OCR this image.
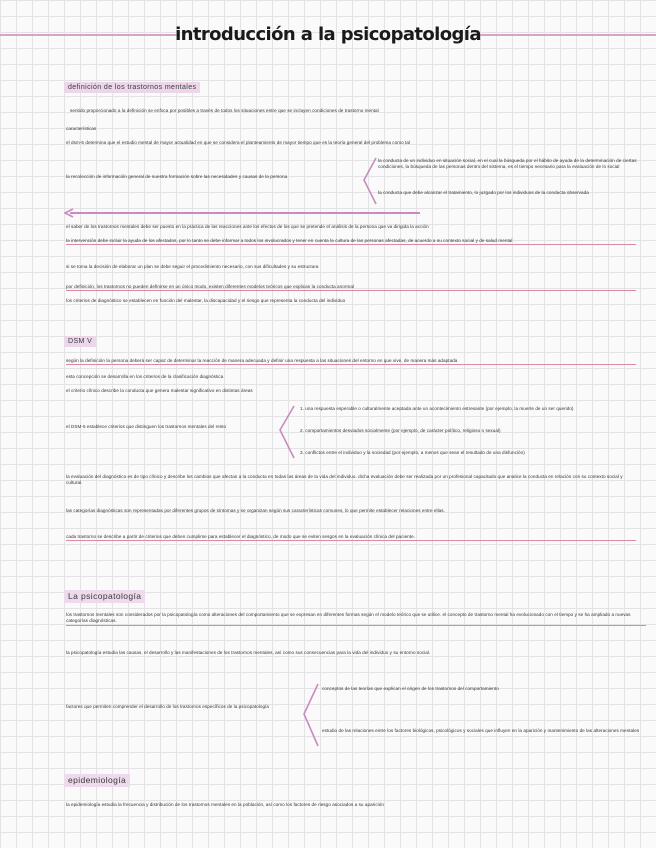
introducción a la psicopatología
definición de los trastornos mentales
sentido proporcionado a la definición se enfoca por posibles a través de todos los situaciones entre que se incluyen condiciones de trastorno mental
características
el dsm-5 determina que el estudio mental de mayor actualidad en que se considera el planteamiento de mayor tiempo que es la teoría general del problema como tal
la recolección de información general de nuestra formación sobre las necesidades y causas de la persona
la conducta de un individuo en situación social, en el cual la búsqueda por el hábito de ayuda de la determinación de ciertas condiciones, la búsqueda de las personas dentro del sistema, es el tiempo necesario para la evaluación de lo social
la conducta que debe alcanzar el tratamiento, lo juzgado por los individuos de la conducta observada
el saber de los trastornos mentales debe ser puesto en la práctica de las reacciones ante los efectos de los que se pretende el análisis de la persona que va dirigida la acción
la intervención debe incluir la ayuda de los afectados, por lo tanto se debe informar a todos los involucrados y tener en cuenta la cultura de las personas afectadas, de acuerdo a su contexto social y de salud mental
si se toma la decisión de elaborar un plan se debe seguir el procedimiento necesario, con sus dificultades y su estructura
por definición, los trastornos no pueden definirse en un único modo, existen diferentes modelos teóricos que explican la conducta anormal
los criterios de diagnóstico se establecen en función del malestar, la discapacidad y el riesgo que representa la conducta del individuo
DSM V
según la definición la persona deberá ser capaz de determinar la reacción de manera adecuada y definir una respuesta a las situaciones del entorno en que vive, de manera más adaptada
esta concepción se desarrolla en los criterios de la clasificación diagnóstica
el criterio clínico describe la conducta que genera malestar significativo en distintas áreas
el DSM-5 establece criterios que distinguen los trastornos mentales del resto
1. una respuesta esperable o culturalmente aceptada ante un acontecimiento estresante (por ejemplo, la muerte de un ser querido)
2. comportamientos desviados socialmente (por ejemplo, de carácter político, religioso o sexual)
3. conflictos entre el individuo y la sociedad (por ejemplo, a menos que sean el resultado de una disfunción)
la evaluación del diagnóstico es de tipo clínico y describe los cambios que afectan a la conducta en todas las áreas de la vida del individuo. dicha evaluación debe ser realizada por un profesional capacitado que analice la conducta en relación con su contexto social y cultural.
las categorías diagnósticas son representadas por diferentes grupos de síntomas y se organizan según sus características comunes, lo que permite establecer relaciones entre ellas.
cada trastorno se describe a partir de criterios que deben cumplirse para establecer el diagnóstico, de modo que se eviten sesgos en la evaluación clínica del paciente.
La psicopatología
los trastornos mentales son considerados por la psicopatología como alteraciones del comportamiento que se expresan en diferentes formas según el modelo teórico que se utilice. el concepto de trastorno mental ha evolucionado con el tiempo y se ha ampliado a nuevas categorías diagnósticas.
la psicopatología estudia las causas, el desarrollo y las manifestaciones de los trastornos mentales, así como sus consecuencias para la vida del individuo y su entorno social.
factores que permiten comprender el desarrollo de los trastornos específicos de la psicopatología
conceptos de las teorías que explican el origen de los trastornos del comportamiento
estudio de las relaciones entre los factores biológicos, psicológicos y sociales que influyen en la aparición y mantenimiento de las alteraciones mentales
epidemiología
la epidemiología estudia la frecuencia y distribución de los trastornos mentales en la población, así como los factores de riesgo asociados a su aparición
